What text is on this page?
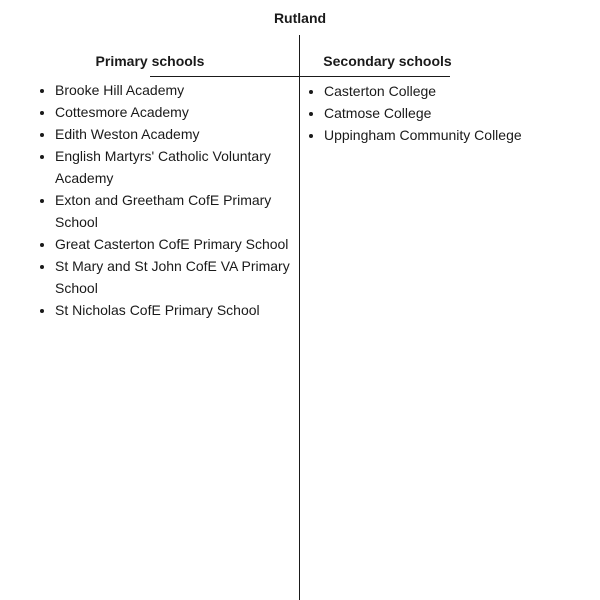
Rutland
Primary schools	Secondary schools
• Brooke Hill Academy
• Cottesmore Academy
• Edith Weston Academy
• English Martyrs' Catholic Voluntary Academy
• Exton and Greetham CofE Primary School
• Great Casterton CofE Primary School
• St Mary and St John CofE VA Primary School
• St Nicholas CofE Primary School
• Casterton College
• Catmose College
• Uppingham Community College
